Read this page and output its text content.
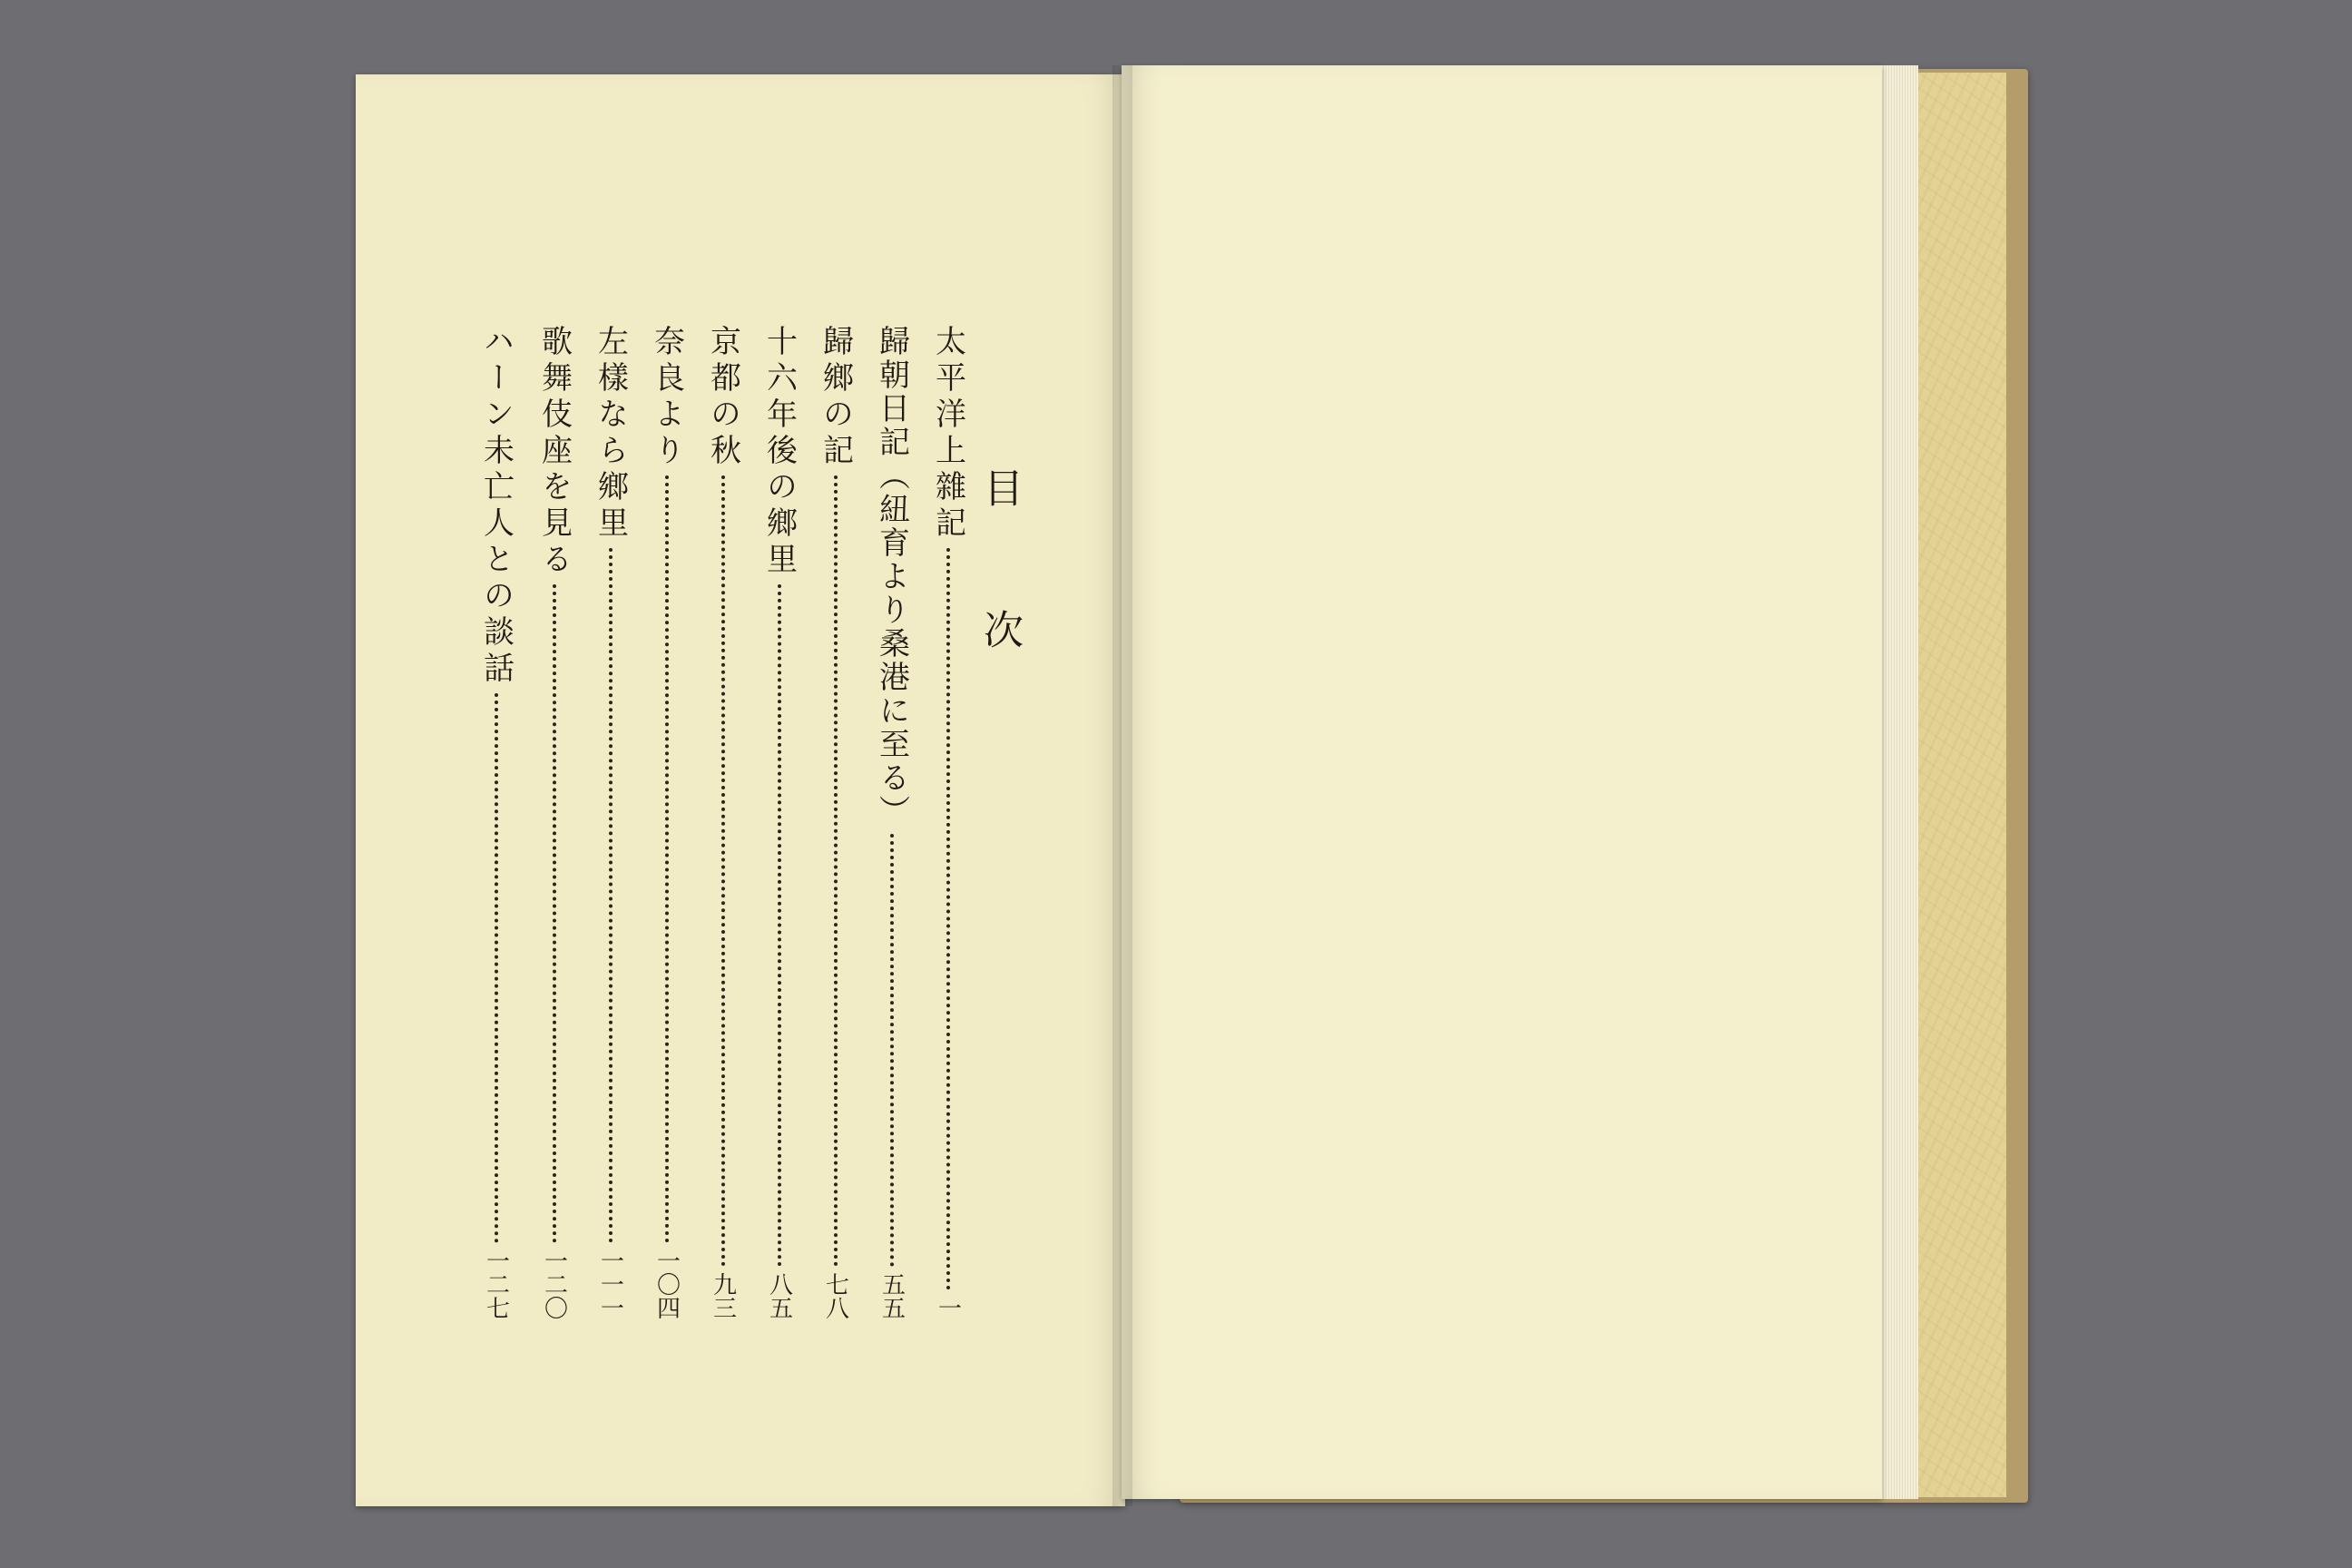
目
次
太平洋上雜記
一
歸朝日記（紐育より桑港に至る）
五五
歸鄉の記
七八
十六年後の鄉里
八五
京都の秋
九三
奈良より
一〇四
左樣なら鄉里
一一一
歌舞伎座を見る
一二〇
ハーン未亡人との談話
一二七
